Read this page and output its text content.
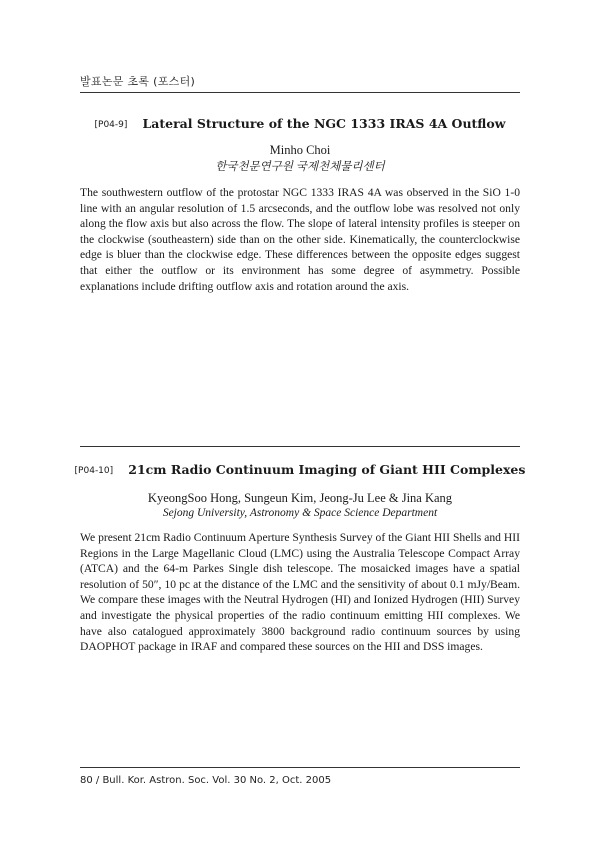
발표논문 초록 (포스터)
[P04-9] Lateral Structure of the NGC 1333 IRAS 4A Outflow
Minho Choi
한국천문연구원 국제천체물리센터

The southwestern outflow of the protostar NGC 1333 IRAS 4A was observed in the SiO 1-0 line with an angular resolution of 1.5 arcseconds, and the outflow lobe was resolved not only along the flow axis but also across the flow. The slope of lateral intensity profiles is steeper on the clockwise (southeastern) side than on the other side. Kinematically, the counterclockwise edge is bluer than the clockwise edge. These differences between the opposite edges suggest that either the outflow or its environment has some degree of asymmetry. Possible explanations include drifting outflow axis and rotation around the axis.

[P04-10] 21cm Radio Continuum Imaging of Giant HII Complexes
KyeongSoo Hong, Sungeun Kim, Jeong-Ju Lee & Jina Kang
Sejong University, Astronomy & Space Science Department

We present 21cm Radio Continuum Aperture Synthesis Survey of the Giant HII Shells and HII Regions in the Large Magellanic Cloud (LMC) using the Australia Telescope Compact Array (ATCA) and the 64-m Parkes Single dish telescope. The mosaicked images have a spatial resolution of 50″, 10 pc at the distance of the LMC and the sensitivity of about 0.1 mJy/Beam. We compare these images with the Neutral Hydrogen (HI) and Ionized Hydrogen (HII) Survey and investigate the physical properties of the radio continuum emitting HII complexes. We have also catalogued approximately 3800 background radio continuum sources by using DAOPHOT package in IRAF and compared these sources on the HII and DSS images.

80 / Bull. Kor. Astron. Soc. Vol. 30 No. 2, Oct. 2005
